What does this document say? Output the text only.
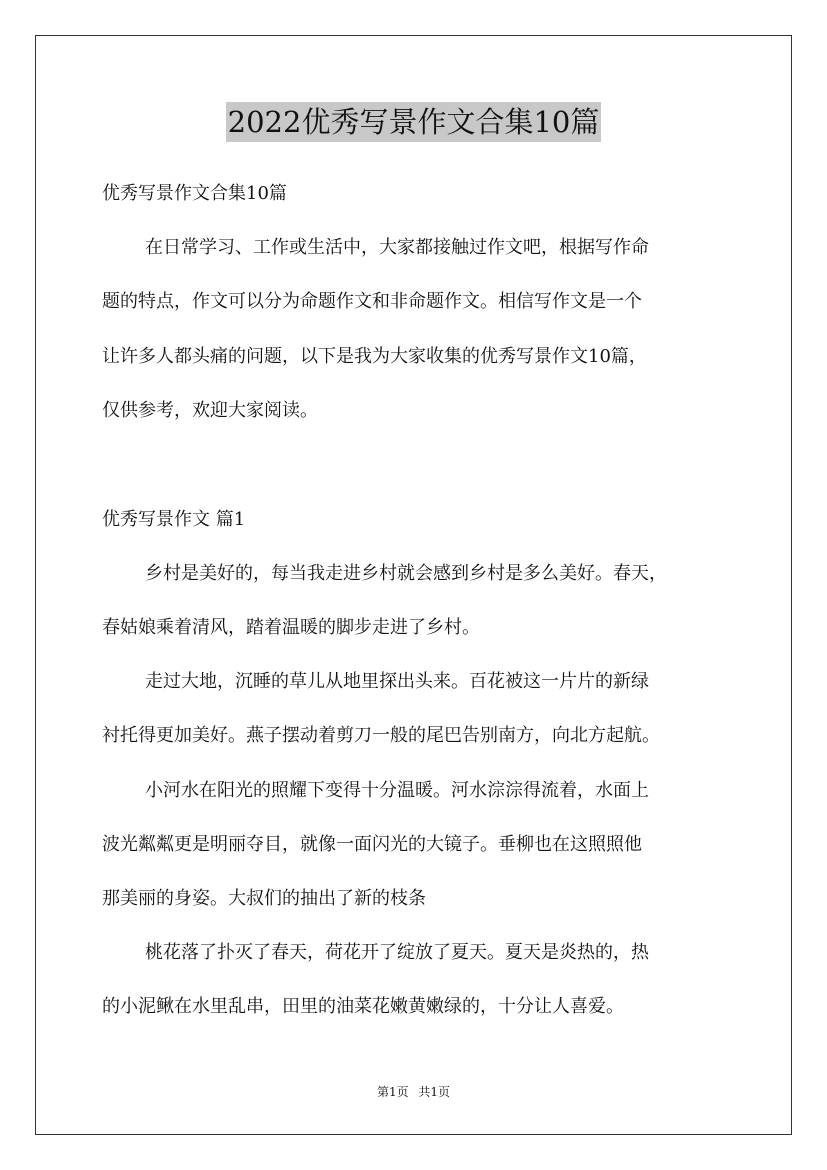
2022优秀写景作文合集10篇
优秀写景作文合集10篇
在日常学习、工作或生活中，大家都接触过作文吧，根据写作命
题的特点，作文可以分为命题作文和非命题作文。相信写作文是一个
让许多人都头痛的问题，以下是我为大家收集的优秀写景作文10篇，
仅供参考，欢迎大家阅读。
优秀写景作文 篇1
乡村是美好的，每当我走进乡村就会感到乡村是多么美好。春天，
春姑娘乘着清风，踏着温暖的脚步走进了乡村。
走过大地，沉睡的草儿从地里探出头来。百花被这一片片的新绿
衬托得更加美好。燕子摆动着剪刀一般的尾巴告别南方，向北方起航。
小河水在阳光的照耀下变得十分温暖。河水淙淙得流着，水面上
波光粼粼更是明丽夺目，就像一面闪光的大镜子。垂柳也在这照照他
那美丽的身姿。大叔们的抽出了新的枝条
桃花落了扑灭了春天，荷花开了绽放了夏天。夏天是炎热的，热
的小泥鳅在水里乱串，田里的油菜花嫩黄嫩绿的，十分让人喜爱。
第1页 共1页
